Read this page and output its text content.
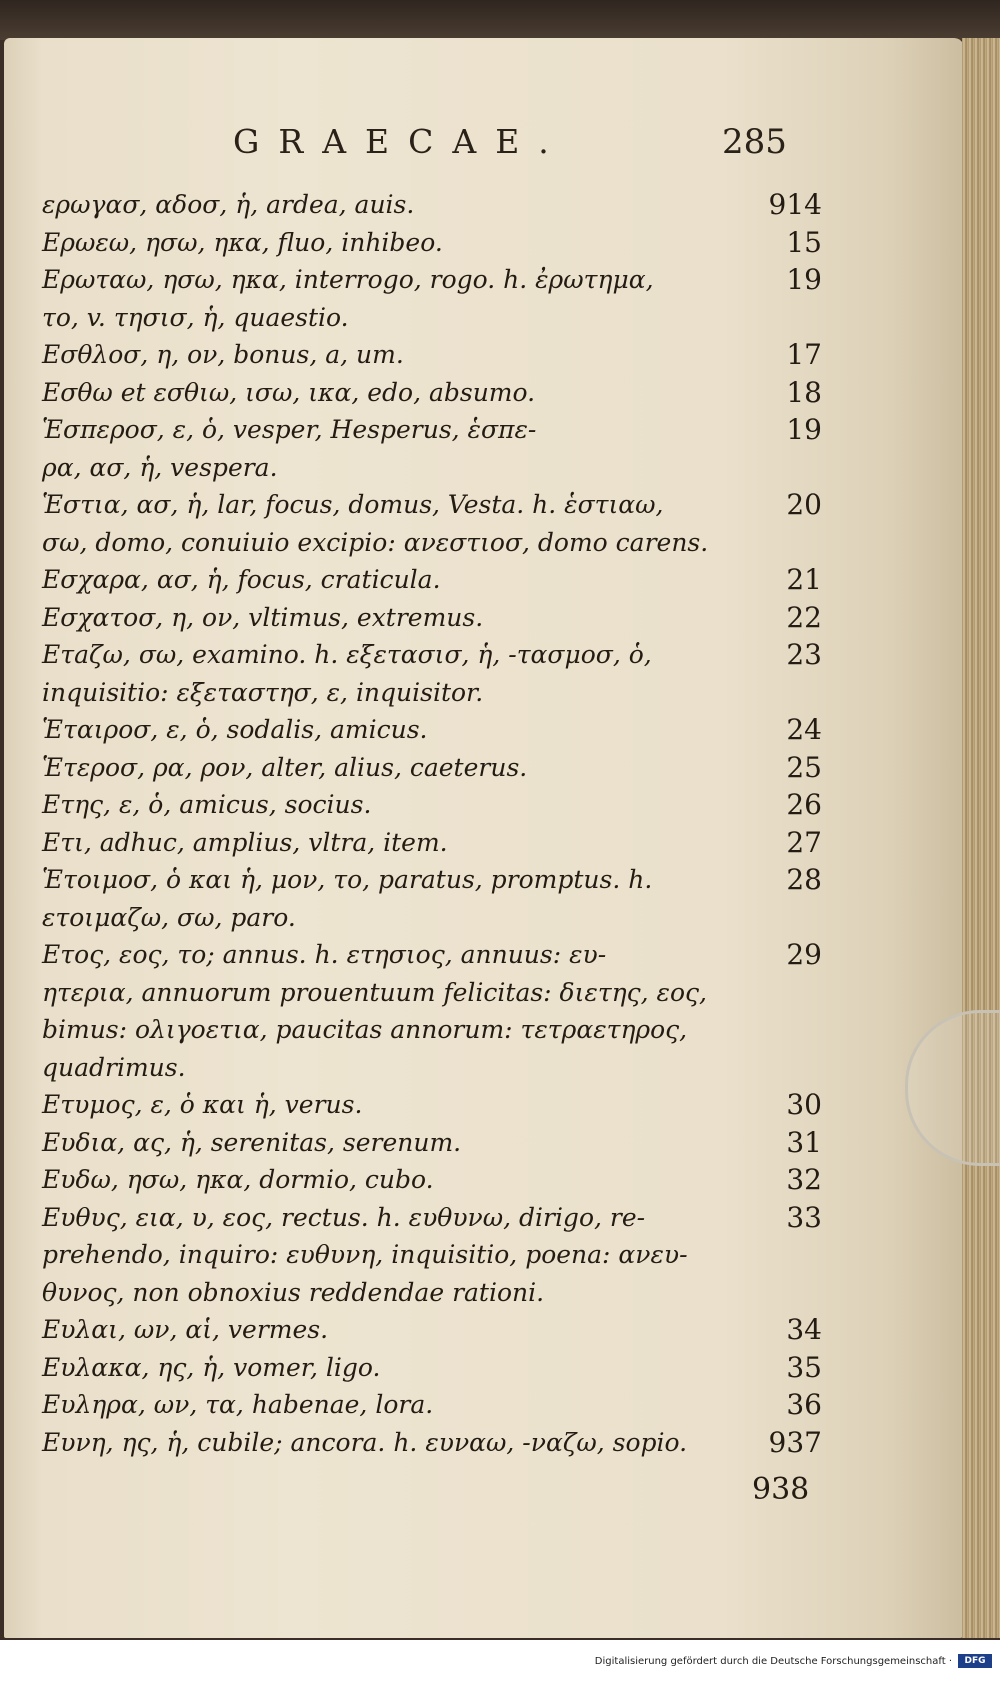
GRAECAE.	285
ερωγασ, αδοσ, ἡ, ardea, auis.	914
Ερωεω, ησω, ηκα, fluo, inhibeo.	15
Ερωταω, ησω, ηκα, interrogo, rogo. h. ἐρωτημα,	19
το, v. τησισ, ἡ, quaestio.
Εσθλοσ, η, ον, bonus, a, um.	17
Εσθω et εσθιω, ισω, ικα, edo, absumo.	18
Ἑσπεροσ, ε, ὁ, vesper, Hesperus, ἑσπε-	19
ρα, ασ, ἡ, vespera.
Ἑστια, ασ, ἡ, lar, focus, domus, Vesta. h. ἑστιαω,	20
σω, domo, conuiuio excipio: ανεστιοσ, domo carens.
Εσχαρα, ασ, ἡ, focus, craticula.	21
Εσχατοσ, η, ον, vltimus, extremus.	22
Ετaζω, σω, examino. h. εξετασισ, ἡ, -τασμοσ, ὁ,	23
inquisitio: εξεταστησ, ε, inquisitor.
Ἑταιροσ, ε, ὁ, sodalis, amicus.	24
Ἑτεροσ, ρα, ρον, alter, alius, caeterus.	25
Ετης, ε, ὁ, amicus, socius.	26
Ετι, adhuc, amplius, vltra, item.	27
Ἑτοιμοσ, ὁ και ἡ, μον, το, paratus, promptus. h.	28
ετοιμαζω, σω, paro.
Ετος, εος, το; annus. h. ετησιος, annuus: ευ-	29
ητερια, annuorum prouentuum felicitas: διετης, εος,
bimus: ολιγοετια, paucitas annorum: τετραετηρος,
quadrimus.
Ετυμος, ε, ὁ και ἡ, verus.	30
Ευδια, ας, ἡ, serenitas, serenum.	31
Ευδω, ησω, ηκα, dormio, cubo.	32
Ευθυς, εια, υ, εος, rectus. h. ευθυνω, dirigo, re-	33
prehendo, inquiro: ευθυνη, inquisitio, poena: ανευ-
θυνος, non obnoxius reddendae rationi.
Ευλαι, ων, αἱ, vermes.	34
Ευλακα, ης, ἡ, vomer, ligo.	35
Ευληρα, ων, τα, habenae, lora.	36
Ευνη, ης, ἡ, cubile; ancora. h. ευναω, -ναζω, sopio.	937
938
Digitalisierung gefördert durch die Deutsche Forschungsgemeinschaft ·	DFG
